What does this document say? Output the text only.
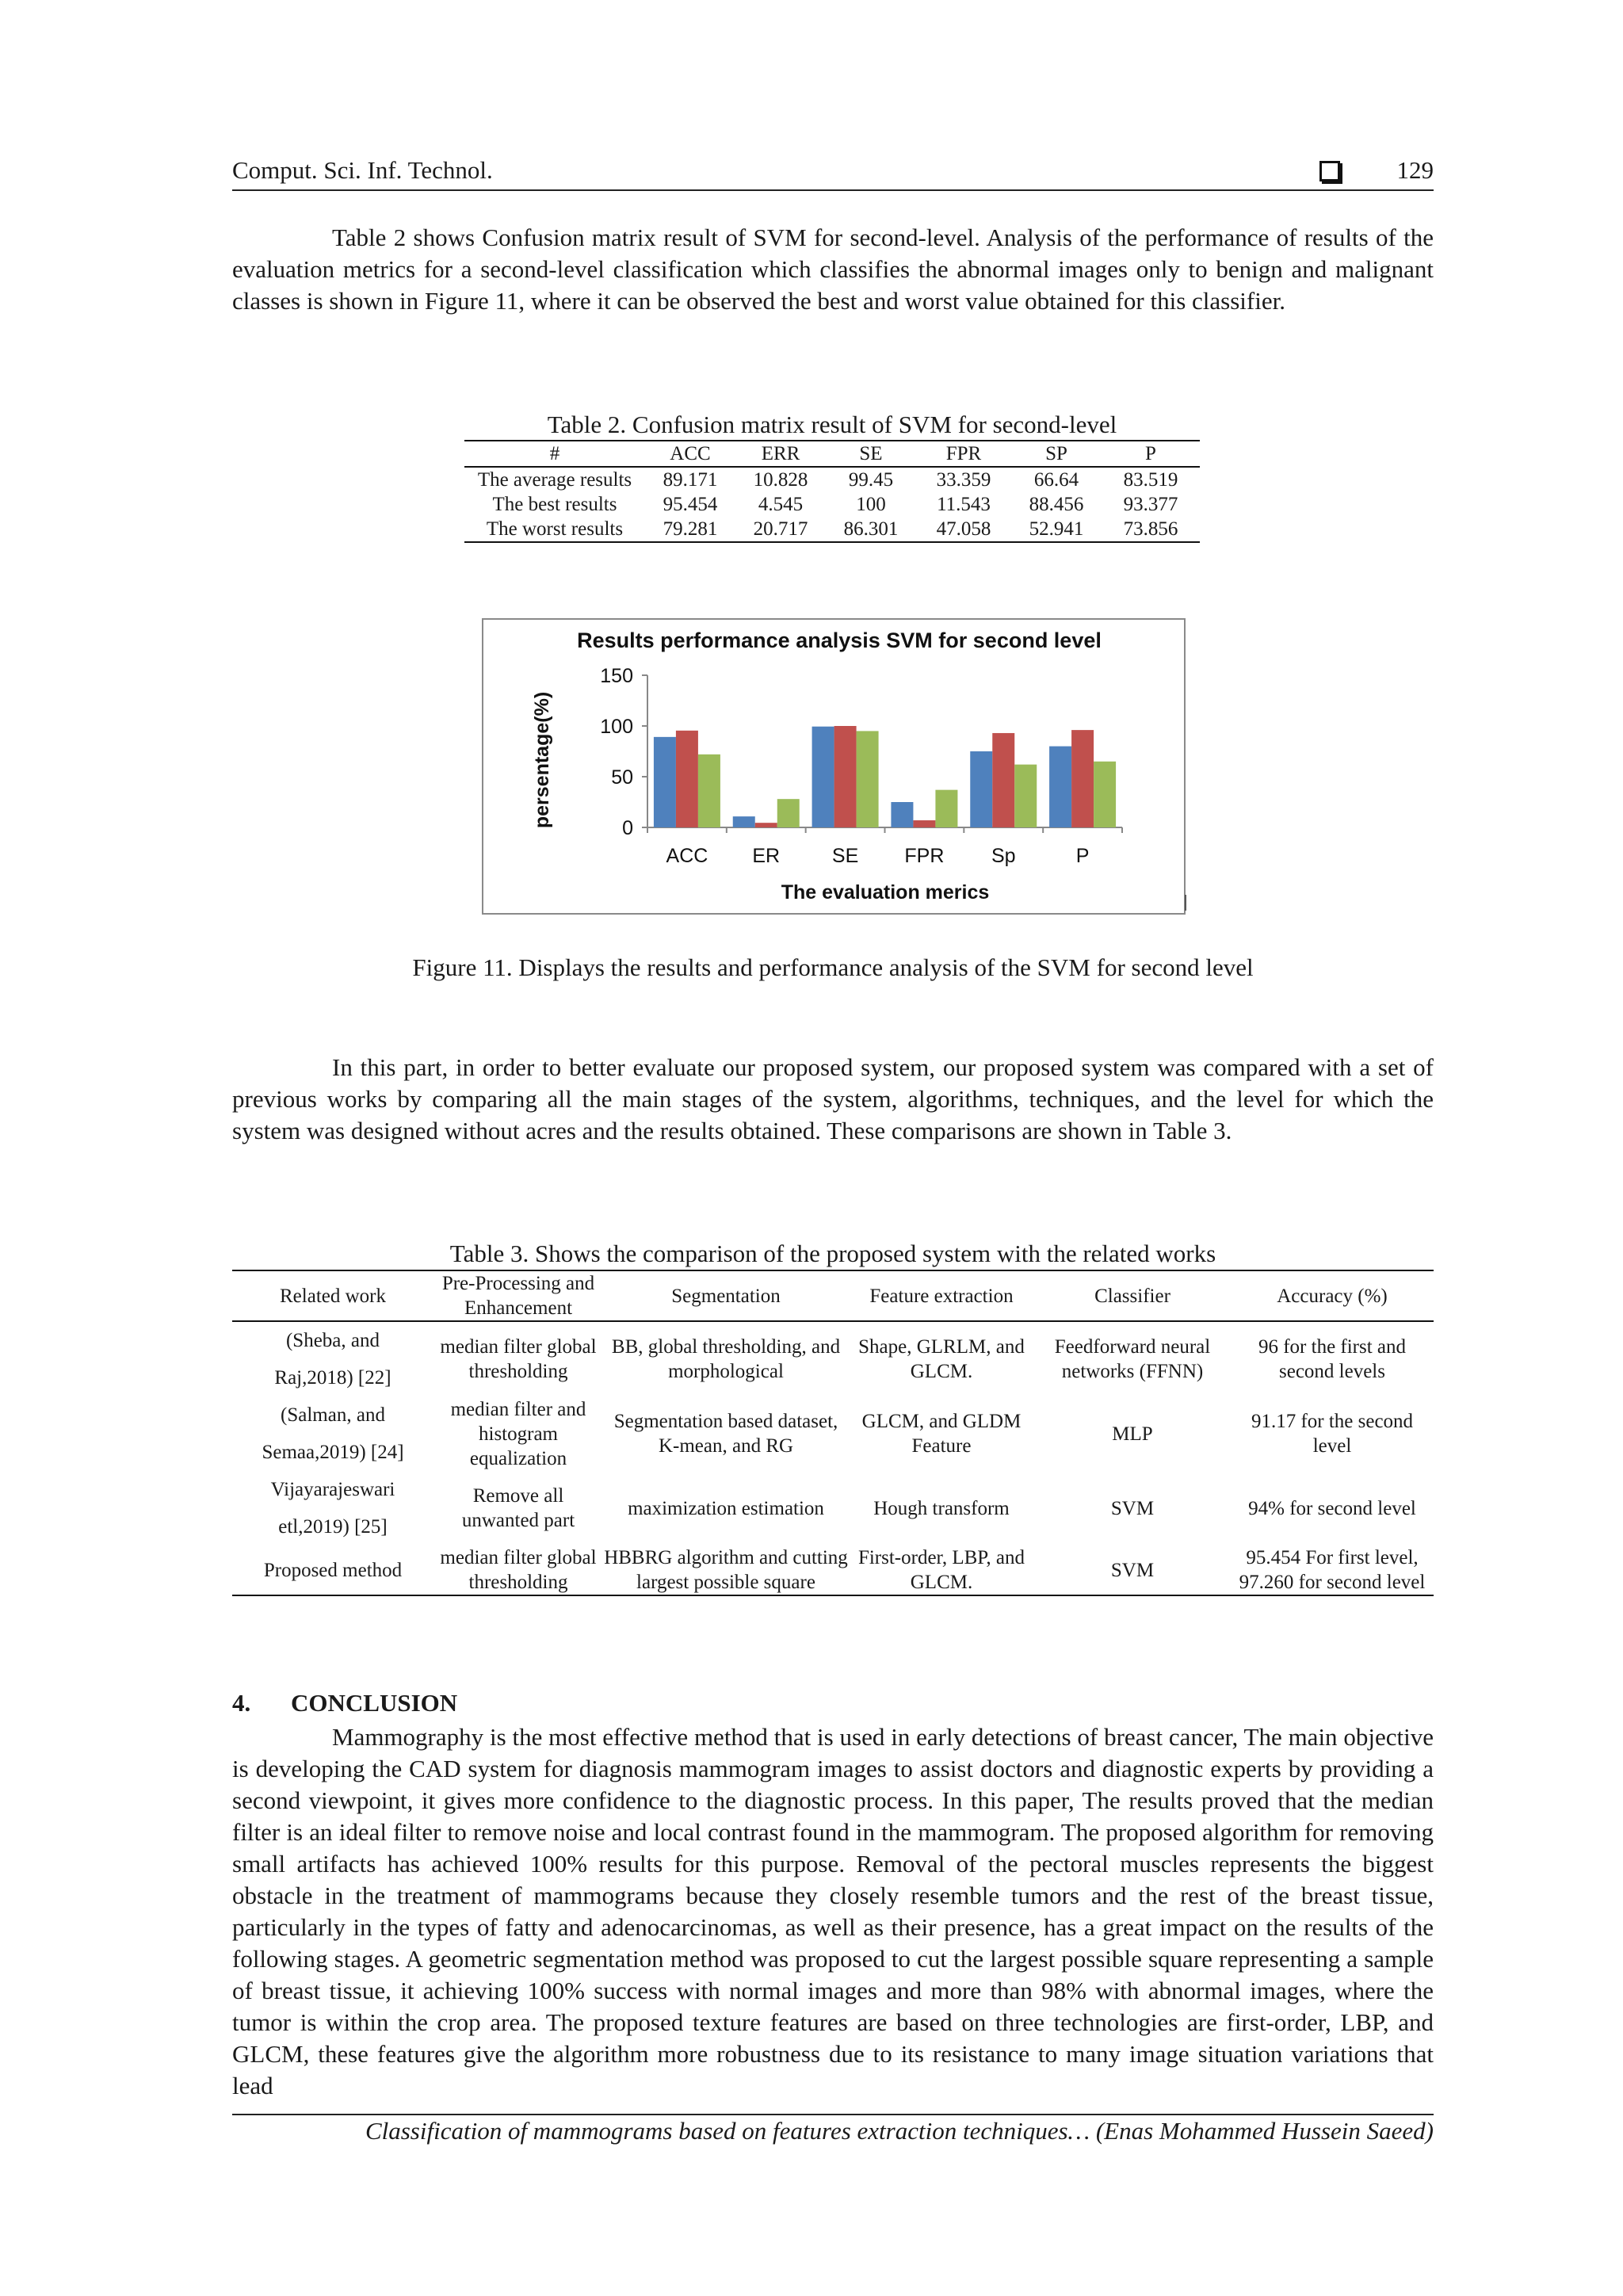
Comput. Sci. Inf. Technol.	129

Table 2 shows Confusion matrix result of SVM for second-level. Analysis of the performance of results of the evaluation metrics for a second-level classification which classifies the abnormal images only to benign and malignant classes is shown in Figure 11, where it can be observed the best and worst value obtained for this classifier.

Table 2. Confusion matrix result of SVM for second-level
#	ACC	ERR	SE	FPR	SP	P
The average results	89.171	10.828	99.45	33.359	66.64	83.519
The best results	95.454	4.545	100	11.543	88.456	93.377
The worst results	79.281	20.717	86.301	47.058	52.941	73.856
Results performance analysis SVM for second level
0
50
100
150
ACC ER	SE FPR Sp	P
The evaluation merics
persentage(%)
Figure 11. Displays the results and performance analysis of the SVM for second level

In this part, in order to better evaluate our proposed system, our proposed system was compared with a set of previous works by comparing all the main stages of the system, algorithms, techniques, and the level for which the system was designed without acres and the results obtained. These comparisons are shown in Table 3.

Table 3. Shows the comparison of the proposed system with the related works
Related work	Pre-Processing and Enhancement	Segmentation	Feature extraction	Classifier	Accuracy (%)

(Sheba, and
Raj,2018) [22]	median filter global thresholding	BB, global thresholding, and morphological	Shape, GLRLM, and GLCM.	Feedforward neural networks (FFNN)	96 for the first and second levels

(Salman, and
Semaa,2019) [24]	median filter and histogram equalization	Segmentation based dataset, K-mean, and RG	GLCM, and GLDM Feature	MLP	91.17 for the second level

Vijayarajeswari
etl,2019) [25]	Remove all unwanted part	maximization estimation	Hough transform	SVM	94% for second level
Proposed method	median filter global thresholding	HBBRG algorithm and cutting largest possible square	First-order, LBP, and GLCM.	SVM	95.454 For first level, 97.260 for second level
4. CONCLUSION

Mammography is the most effective method that is used in early detections of breast cancer, The main objective is developing the CAD system for diagnosis mammogram images to assist doctors and diagnostic experts by providing a second viewpoint, it gives more confidence to the diagnostic process. In this paper, The results proved that the median filter is an ideal filter to remove noise and local contrast found in the mammogram. The proposed algorithm for removing small artifacts has achieved 100% results for this purpose. Removal of the pectoral muscles represents the biggest obstacle in the treatment of mammograms because they closely resemble tumors and the rest of the breast tissue, particularly in the types of fatty and adenocarcinomas, as well as their presence, has a great impact on the results of the following stages. A geometric segmentation method was proposed to cut the largest possible square representing a sample of breast tissue, it achieving 100% success with normal images and more than 98% with abnormal images, where the tumor is within the crop area. The proposed texture features are based on three technologies are first-order, LBP, and GLCM, these features give the algorithm more robustness due to its resistance to many image situation variations that lead

Classification of mammograms based on features extraction techniques… (Enas Mohammed Hussein Saeed)
